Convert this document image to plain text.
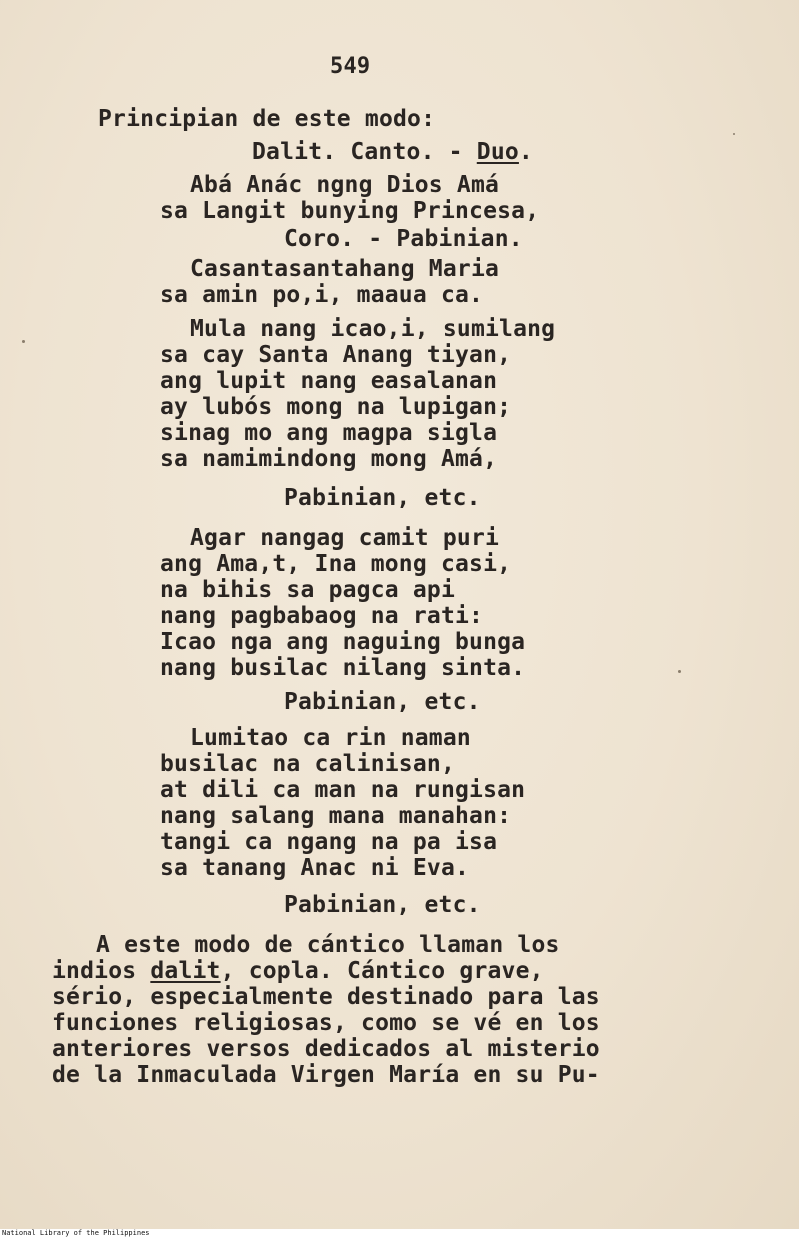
549
Principian de este modo:
Dalit. Canto. - Duo.
Abá Anác ngng Dios Amá
sa Langit bunying Princesa,
Coro. - Pabinian.
Casantasantahang Maria
sa amin po,i, maaua ca.
Mula nang icao,i, sumilang
sa cay Santa Anang tiyan,
ang lupit nang easalanan
ay lubós mong na lupigan;
sinag mo ang magpa sigla
sa namimindong mong Amá,
Pabinian, etc.
Agar nangag camit puri
ang Ama,t, Ina mong casi,
na bihis sa pagca api
nang pagbabaog na rati:
Icao nga ang naguing bunga
nang busilac nilang sinta.
Pabinian, etc.
Lumitao ca rin naman
busilac na calinisan,
at dili ca man na rungisan
nang salang mana manahan:
tangi ca ngang na pa isa
sa tanang Anac ni Eva.
Pabinian, etc.
A este modo de cántico llaman los
indios dalit, copla. Cántico grave,
sério, especialmente destinado para las
funciones religiosas, como se vé en los
anteriores versos dedicados al misterio
de la Inmaculada Virgen María en su Pu-
National Library of the Philippines
